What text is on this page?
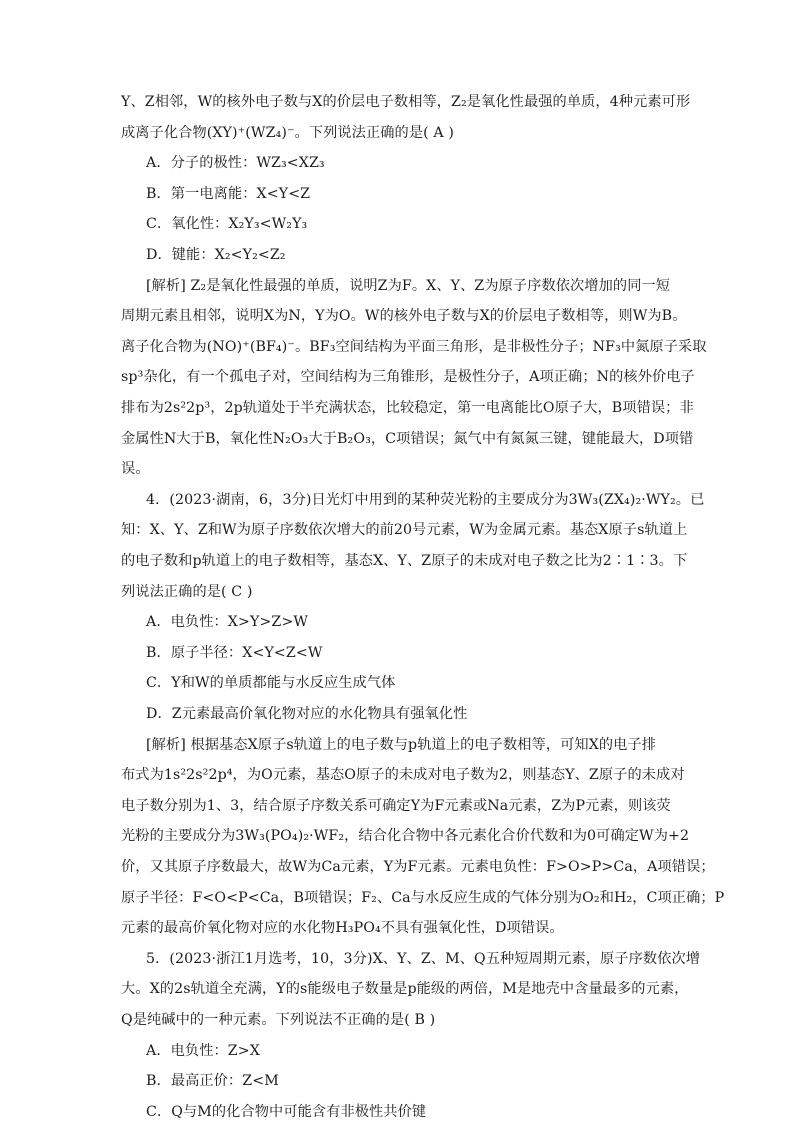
Y、Z相邻，W的核外电子数与X的价层电子数相等，Z₂是氧化性最强的单质，4种元素可形
成离子化合物(XY)⁺(WZ₄)⁻。下列说法正确的是( A )
A．分子的极性：WZ₃<XZ₃
B．第一电离能：X<Y<Z
C．氧化性：X₂Y₃<W₂Y₃
D．键能：X₂<Y₂<Z₂
[解析] Z₂是氧化性最强的单质，说明Z为F。X、Y、Z为原子序数依次增加的同一短
周期元素且相邻，说明X为N，Y为O。W的核外电子数与X的价层电子数相等，则W为B。
离子化合物为(NO)⁺(BF₄)⁻。BF₃空间结构为平面三角形，是非极性分子；NF₃中氮原子采取
sp³杂化，有一个孤电子对，空间结构为三角锥形，是极性分子，A项正确；N的核外价电子
排布为2s²2p³，2p轨道处于半充满状态，比较稳定，第一电离能比O原子大，B项错误；非
金属性N大于B，氧化性N₂O₃大于B₂O₃，C项错误；氮气中有氮氮三键，键能最大，D项错
误。
4．(2023·湖南，6，3分)日光灯中用到的某种荧光粉的主要成分为3W₃(ZX₄)₂·WY₂。已
知：X、Y、Z和W为原子序数依次增大的前20号元素，W为金属元素。基态X原子s轨道上
的电子数和p轨道上的电子数相等，基态X、Y、Z原子的未成对电子数之比为2∶1∶3。下
列说法正确的是( C )
A．电负性：X>Y>Z>W
B．原子半径：X<Y<Z<W
C．Y和W的单质都能与水反应生成气体
D．Z元素最高价氧化物对应的水化物具有强氧化性
[解析] 根据基态X原子s轨道上的电子数与p轨道上的电子数相等，可知X的电子排
布式为1s²2s²2p⁴，为O元素，基态O原子的未成对电子数为2，则基态Y、Z原子的未成对
电子数分别为1、3，结合原子序数关系可确定Y为F元素或Na元素，Z为P元素，则该荧
光粉的主要成分为3W₃(PO₄)₂·WF₂，结合化合物中各元素化合价代数和为0可确定W为+2
价，又其原子序数最大，故W为Ca元素，Y为F元素。元素电负性：F>O>P>Ca，A项错误；
原子半径：F<O<P<Ca，B项错误；F₂、Ca与水反应生成的气体分别为O₂和H₂，C项正确；P
元素的最高价氧化物对应的水化物H₃PO₄不具有强氧化性，D项错误。
5．(2023·浙江1月选考，10，3分)X、Y、Z、M、Q五种短周期元素，原子序数依次增
大。X的2s轨道全充满，Y的s能级电子数量是p能级的两倍，M是地壳中含量最多的元素，
Q是纯碱中的一种元素。下列说法不正确的是( B )
A．电负性：Z>X
B．最高正价：Z<M
C．Q与M的化合物中可能含有非极性共价键
